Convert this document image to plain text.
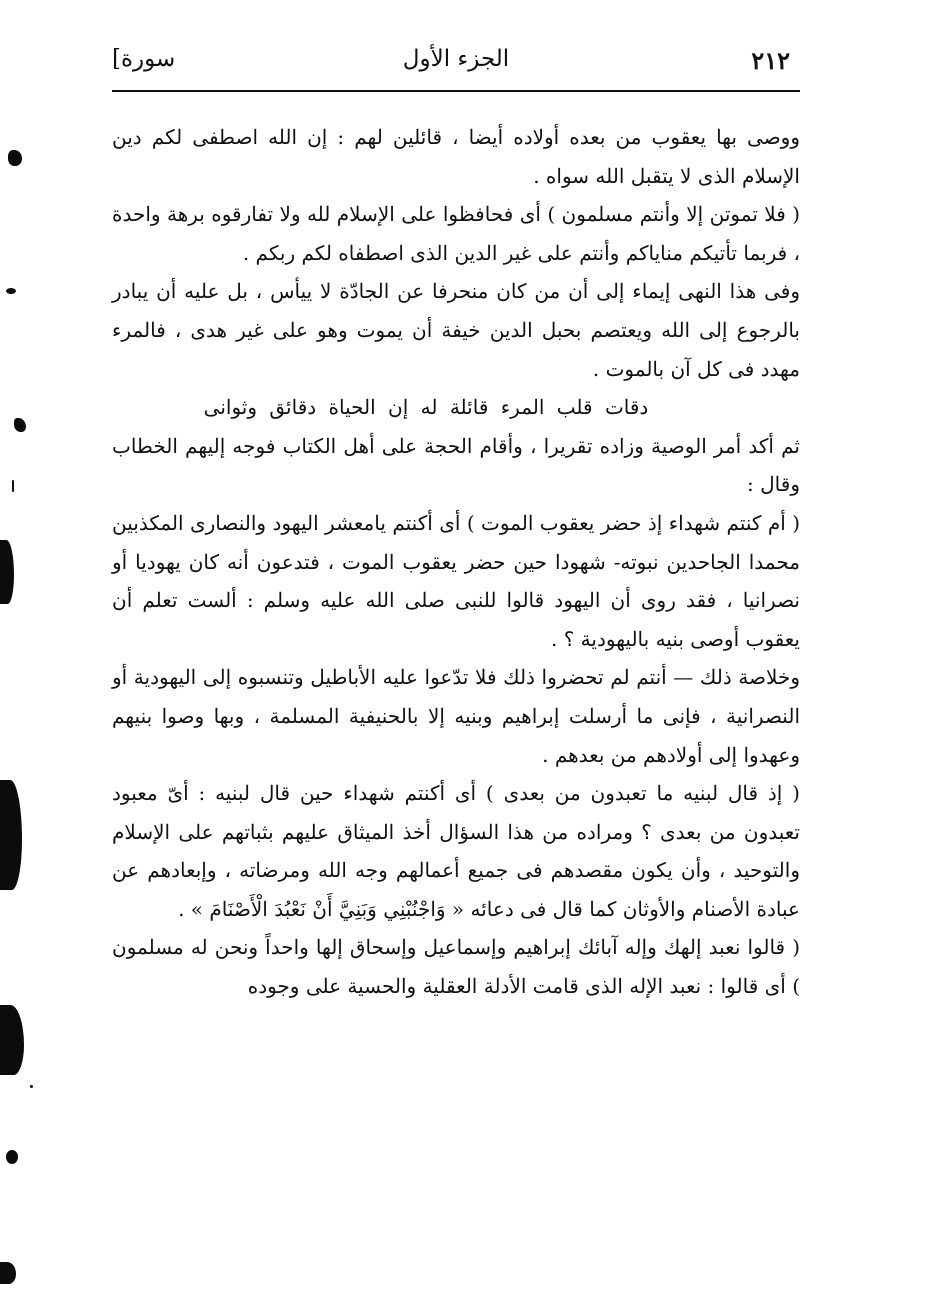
[سورة	الجزء الأول	٢١٢

ووصى بها يعقوب من بعده أولاده أيضا ، قائلين لهم : إن الله اصطفى لكم دين الإسلام الذى لا يتقبل الله سواه .

( فلا تموتن إلا وأنتم مسلمون ) أى فحافظوا على الإسلام لله ولا تفارقوه برهة واحدة ، فربما تأتيكم مناياكم وأنتم على غير الدين الذى اصطفاه لكم ربكم .

وفى هذا النهى إيماء إلى أن من كان منحرفا عن الجادّة لا ييأس ، بل عليه أن يبادر بالرجوع إلى الله ويعتصم بحبل الدين خيفة أن يموت وهو على غير هدى ، فالمرء مهدد فى كل آن بالموت .

دقات قلب المرء قائلة له إن الحياة دقائق وثوانى

ثم أكد أمر الوصية وزاده تقريرا ، وأقام الحجة على أهل الكتاب فوجه إليهم الخطاب وقال :

( أم كنتم شهداء إذ حضر يعقوب الموت ) أى أكنتم يامعشر اليهود والنصارى المكذبين محمدا الجاحدين نبوته- شهودا حين حضر يعقوب الموت ، فتدعون أنه كان يهوديا أو نصرانيا ، فقد روى أن اليهود قالوا للنبى صلى الله عليه وسلم : ألست تعلم أن يعقوب أوصى بنيه باليهودية ؟ .

وخلاصة ذلك — أنتم لم تحضروا ذلك فلا تدّعوا عليه الأباطيل وتنسبوه إلى اليهودية أو النصرانية ، فإنى ما أرسلت إبراهيم وبنيه إلا بالحنيفية المسلمة ، وبها وصوا بنيهم وعهدوا إلى أولادهم من بعدهم .

( إذ قال لبنيه ما تعبدون من بعدى ) أى أكنتم شهداء حين قال لبنيه : أىّ معبود تعبدون من بعدى ؟ ومراده من هذا السؤال أخذ الميثاق عليهم بثباتهم على الإسلام والتوحيد ، وأن يكون مقصدهم فى جميع أعمالهم وجه الله ومرضاته ، وإبعادهم عن عبادة الأصنام والأوثان كما قال فى دعائه « وَاجْنُبْنِي وَبَنِيَّ أَنْ نَعْبُدَ الْأَصْنَامَ » .

( قالوا نعبد إلهك وإله آبائك إبراهيم وإسماعيل وإسحاق إلها واحداً ونحن له مسلمون ) أى قالوا : نعبد الإله الذى قامت الأدلة العقلية والحسية على وجوده
